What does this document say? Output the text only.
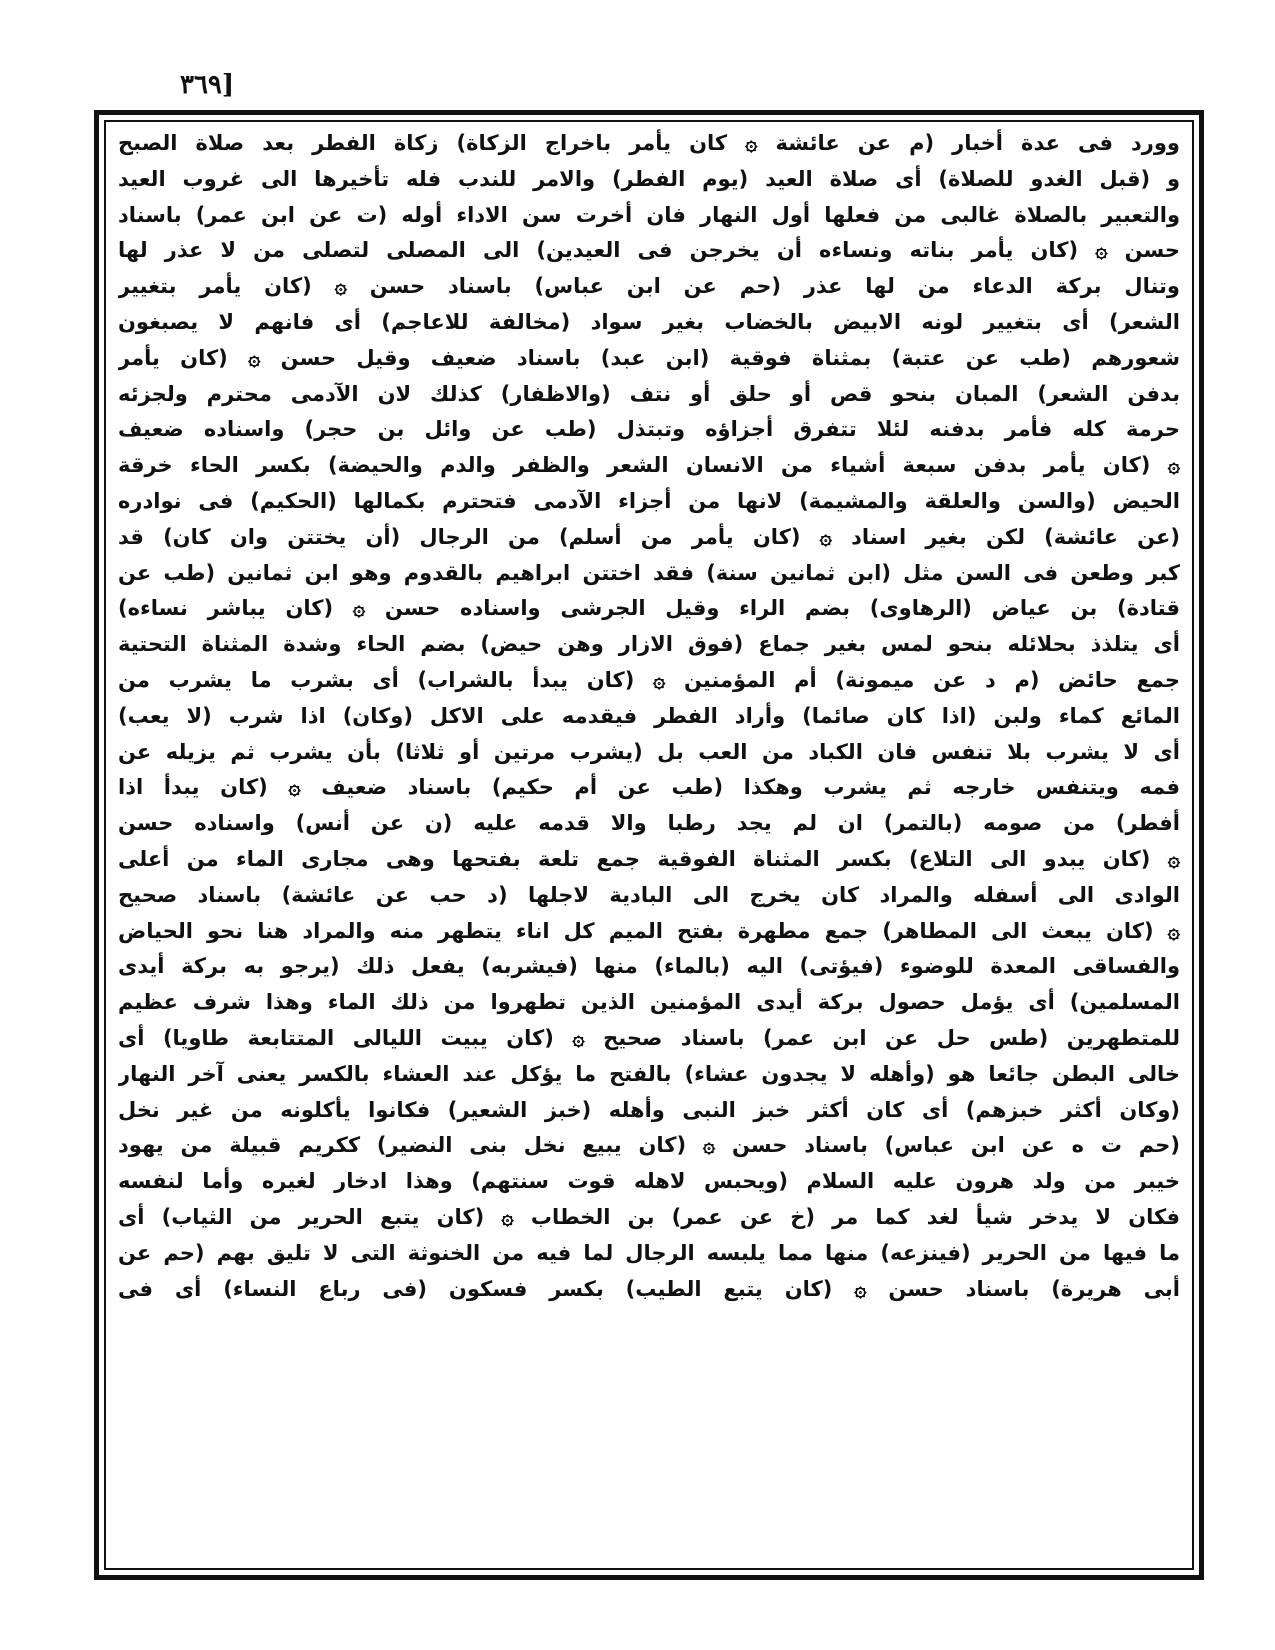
[٣٦٩
وورد فى عدة أخبار (م عن عائشة ۞ كان يأمر باخراج الزكاة) زكاة الفطر بعد صلاة الصبح
و (قبل الغدو للصلاة) أى صلاة العيد (يوم الفطر) والامر للندب فله تأخيرها الى غروب العيد
والتعبير بالصلاة غالبى من فعلها أول النهار فان أخرت سن الاداء أوله (ت عن ابن عمر) باسناد
حسن ۞ (كان يأمر بناته ونساءه أن يخرجن فى العيدين) الى المصلى لتصلى من لا عذر لها
وتنال بركة الدعاء من لها عذر (حم عن ابن عباس) باسناد حسن ۞ (كان يأمر بتغيير
الشعر) أى بتغيير لونه الابيض بالخضاب بغير سواد (مخالفة للاعاجم) أى فانهم لا يصبغون
شعورهم (طب عن عتبة) بمثناة فوقية (ابن عبد) باسناد ضعيف وقيل حسن ۞ (كان يأمر
بدفن الشعر) المبان بنحو قص أو حلق أو نتف (والاظفار) كذلك لان الآدمى محترم ولجزئه
حرمة كله فأمر بدفنه لئلا تتفرق أجزاؤه وتبتذل (طب عن وائل بن حجر) واسناده ضعيف
۞ (كان يأمر بدفن سبعة أشياء من الانسان الشعر والظفر والدم والحيضة) بكسر الحاء خرقة
الحيض (والسن والعلقة والمشيمة) لانها من أجزاء الآدمى فتحترم بكمالها (الحكيم) فى نوادره
(عن عائشة) لكن بغير اسناد ۞ (كان يأمر من أسلم) من الرجال (أن يختتن وان كان) قد
كبر وطعن فى السن مثل (ابن ثمانين سنة) فقد اختتن ابراهيم بالقدوم وهو ابن ثمانين (طب عن
قتادة) بن عياض (الرهاوى) بضم الراء وقيل الجرشى واسناده حسن ۞ (كان يباشر نساءه)
أى يتلذذ بحلائله بنحو لمس بغير جماع (فوق الازار وهن حيض) بضم الحاء وشدة المثناة التحتية
جمع حائض (م د عن ميمونة) أم المؤمنين ۞ (كان يبدأ بالشراب) أى بشرب ما يشرب من
المائع كماء ولبن (اذا كان صائما) وأراد الفطر فيقدمه على الاكل (وكان) اذا شرب (لا يعب)
أى لا يشرب بلا تنفس فان الكباد من العب بل (يشرب مرتين أو ثلاثا) بأن يشرب ثم يزيله عن
فمه ويتنفس خارجه ثم يشرب وهكذا (طب عن أم حكيم) باسناد ضعيف ۞ (كان يبدأ اذا
أفطر) من صومه (بالتمر) ان لم يجد رطبا والا قدمه عليه (ن عن أنس) واسناده حسن
۞ (كان يبدو الى التلاع) بكسر المثناة الفوقية جمع تلعة بفتحها وهى مجارى الماء من أعلى
الوادى الى أسفله والمراد كان يخرج الى البادية لاجلها (د حب عن عائشة) باسناد صحيح
۞ (كان يبعث الى المطاهر) جمع مطهرة بفتح الميم كل اناء يتطهر منه والمراد هنا نحو الحياض
والفساقى المعدة للوضوء (فيؤتى) اليه (بالماء) منها (فيشربه) يفعل ذلك (يرجو به بركة أيدى
المسلمين) أى يؤمل حصول بركة أيدى المؤمنين الذين تطهروا من ذلك الماء وهذا شرف عظيم
للمتطهرين (طس حل عن ابن عمر) باسناد صحيح ۞ (كان يبيت الليالى المتتابعة طاويا) أى
خالى البطن جائعا هو (وأهله لا يجدون عشاء) بالفتح ما يؤكل عند العشاء بالكسر يعنى آخر النهار
(وكان أكثر خبزهم) أى كان أكثر خبز النبى وأهله (خبز الشعير) فكانوا يأكلونه من غير نخل
(حم ت ه عن ابن عباس) باسناد حسن ۞ (كان يبيع نخل بنى النضير) ككريم قبيلة من يهود
خيبر من ولد هرون عليه السلام (ويحبس لاهله قوت سنتهم) وهذا ادخار لغيره وأما لنفسه
فكان لا يدخر شيأ لغد كما مر (خ عن عمر) بن الخطاب ۞ (كان يتبع الحرير من الثياب) أى
ما فيها من الحرير (فينزعه) منها مما يلبسه الرجال لما فيه من الخنوثة التى لا تليق بهم (حم عن
أبى هريرة) باسناد حسن ۞ (كان يتبع الطيب) بكسر فسكون (فى رباع النساء) أى فى
